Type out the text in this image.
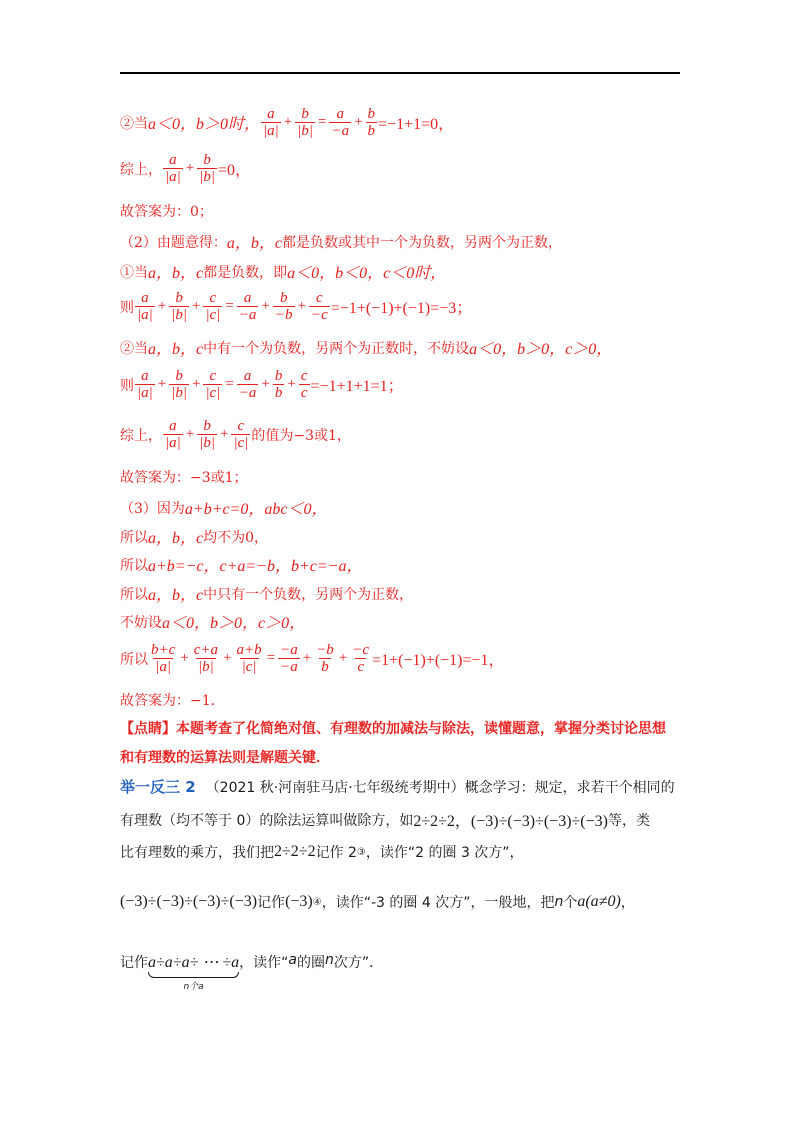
②当 a＜0，b＞0时， $\frac{a}{|a|} + \frac{b}{|b|} = \frac{a}{-a} + \frac{b}{b} =-1+1=0$，
综上， $\frac{a}{|a|} + \frac{b}{|b|} =0$，
故答案为：0；
（2）由题意得： a，b，c 都是负数或其中一个为负数，另两个为正数，
①当 a，b，c 都是负数，即 a＜0，b＜0，c＜0时，
则 $\frac{a}{|a|} + \frac{b}{|b|} + \frac{c}{|c|} = \frac{a}{-a} + \frac{b}{-b} + \frac{c}{-c} =-1+(-1)+(-1)=-3$；
②当 a，b，c 中有一个为负数，另两个为正数时，不妨设 a＜0，b＞0，c＞0，
则 $\frac{a}{|a|} + \frac{b}{|b|} + \frac{c}{|c|} = \frac{a}{-a} + \frac{b}{b} + \frac{c}{c} =-1+1+1=1$；
综上， $\frac{a}{|a|} + \frac{b}{|b|} + \frac{c}{|c|}$ 的值为−3或1，
故答案为：−3或1；
（3）因为 a+b+c=0，abc＜0，
所以 a，b，c 均不为0，
所以 a+b=−c，c+a=−b，b+c=−a，
所以 a，b，c 中只有一个负数，另两个为正数，
不妨设 a＜0，b＞0，c＞0，
所以 $\frac{b+c}{|a|} + \frac{c+a}{|b|} + \frac{a+b}{|c|} = \frac{-a}{-a} + \frac{-b}{b} + \frac{-c}{c} =1+(-1)+(-1)=-1$，
故答案为：−1．
【点睛】本题考查了化简绝对值、有理数的加减法与除法，读懂题意，掌握分类讨论思想
和有理数的运算法则是解题关键．
举一反三 2 （2021 秋·河南驻马店·七年级统考期中）概念学习：规定，求若干个相同的
有理数（均不等于 0）的除法运算叫做除方，如 2÷2÷2，(−3)÷(−3)÷(−3)÷(−3) 等，类
比有理数的乘方，我们把 2÷2÷2 记作 2 ③ ，读作“2 的圈 3 次方”，
(−3)÷(−3)÷(−3)÷(−3) 记作 (−3) ④ ，读作“-3 的圈 4 次方”，一般地，把 n 个 a(a≠0) ，
记作 a÷a÷a÷ ⋯ ÷a
n个a
，读作“ a 的圈 n 次方”．
